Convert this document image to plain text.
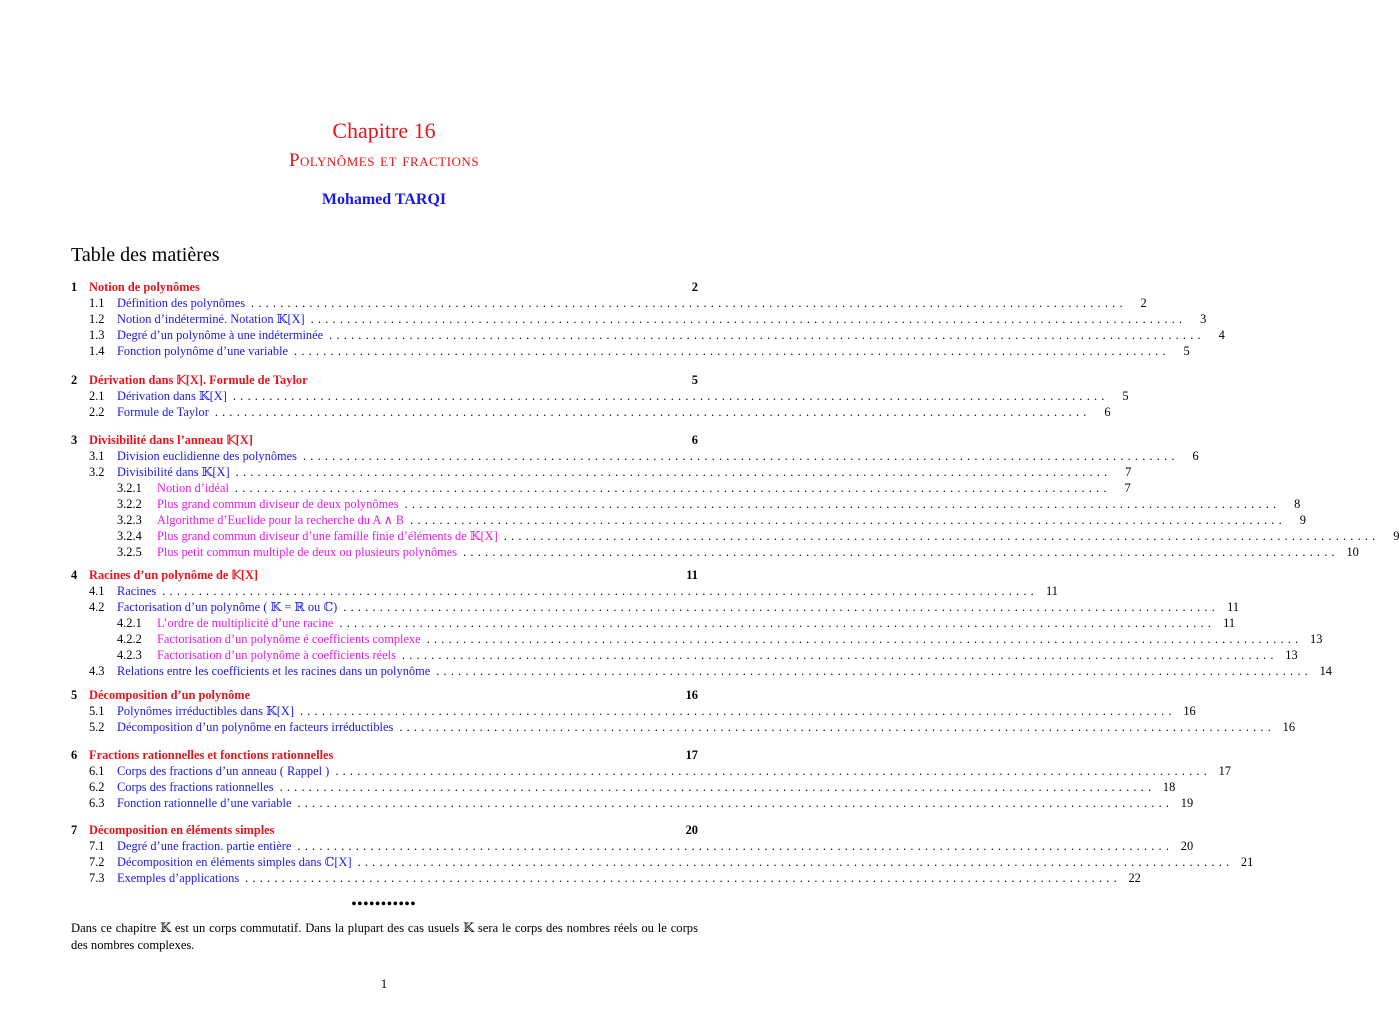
Chapitre 16
Polynômes et fractions
Mohamed TARQI
Table des matières
1 Notion de polynômes	2
1.1	Définition des polynômes ........................................................................................................................	2
1.2	Notion d’indéterminé. Notation 𝕂[X] ........................................................................................................................	3
1.3	Degré d’un polynôme à une indéterminée ........................................................................................................................	4
1.4	Fonction polynôme d’une variable ........................................................................................................................	5
2 Dérivation dans 𝕂[X]. Formule de Taylor	5
2.1	Dérivation dans 𝕂[X] ........................................................................................................................	5
2.2	Formule de Taylor ........................................................................................................................	6
3 Divisibilité dans l’anneau 𝕂[X]	6
3.1	Division euclidienne des polynômes ........................................................................................................................	6
3.2	Divisibilité dans 𝕂[X] ........................................................................................................................	7
3.2.1	Notion d’idéal ........................................................................................................................	7
3.2.2	Plus grand commun diviseur de deux polynômes ........................................................................................................................	8
3.2.3	Algorithme d’Euclide pour la recherche du A ∧ B ........................................................................................................................	9
3.2.4	Plus grand commun diviseur d’une famille finie d’éléments de 𝕂[X] ........................................................................................................................	9
3.2.5	Plus petit commun multiple de deux ou plusieurs polynômes ........................................................................................................................ 10
4 Racines d’un polynôme de 𝕂[X]	11
4.1	Racines ........................................................................................................................ 11
4.2	Factorisation d’un polynôme ( 𝕂 = ℝ ou ℂ) ........................................................................................................................ 11
4.2.1	L’ordre de multiplicité d’une racine ........................................................................................................................ 11
4.2.2	Factorisation d’un polynôme é coefficients complexe ........................................................................................................................ 13
4.2.3	Factorisation d’un polynôme à coefficients réels ........................................................................................................................ 13
4.3	Relations entre les coefficients et les racines dans un polynôme ........................................................................................................................ 14
5 Décomposition d’un polynôme	16
5.1	Polynômes irréductibles dans 𝕂[X] ........................................................................................................................ 16
5.2	Décomposition d’un polynôme en facteurs irréductibles ........................................................................................................................ 16
6 Fractions rationnelles et fonctions rationnelles	17
6.1	Corps des fractions d’un anneau ( Rappel ) ........................................................................................................................ 17
6.2	Corps des fractions rationnelles ........................................................................................................................ 18
6.3	Fonction rationnelle d’une variable ........................................................................................................................ 19
7 Décomposition en éléments simples	20
7.1	Degré d’une fraction. partie entière ........................................................................................................................ 20
7.2	Décomposition en éléments simples dans ℂ[X] ........................................................................................................................ 21
7.3	Exemples d’applications ........................................................................................................................ 22
•••••••••••
Dans ce chapitre 𝕂 est un corps commutatif. Dans la plupart des cas usuels 𝕂 sera le corps des nombres réels ou le corps des nombres complexes.
1
